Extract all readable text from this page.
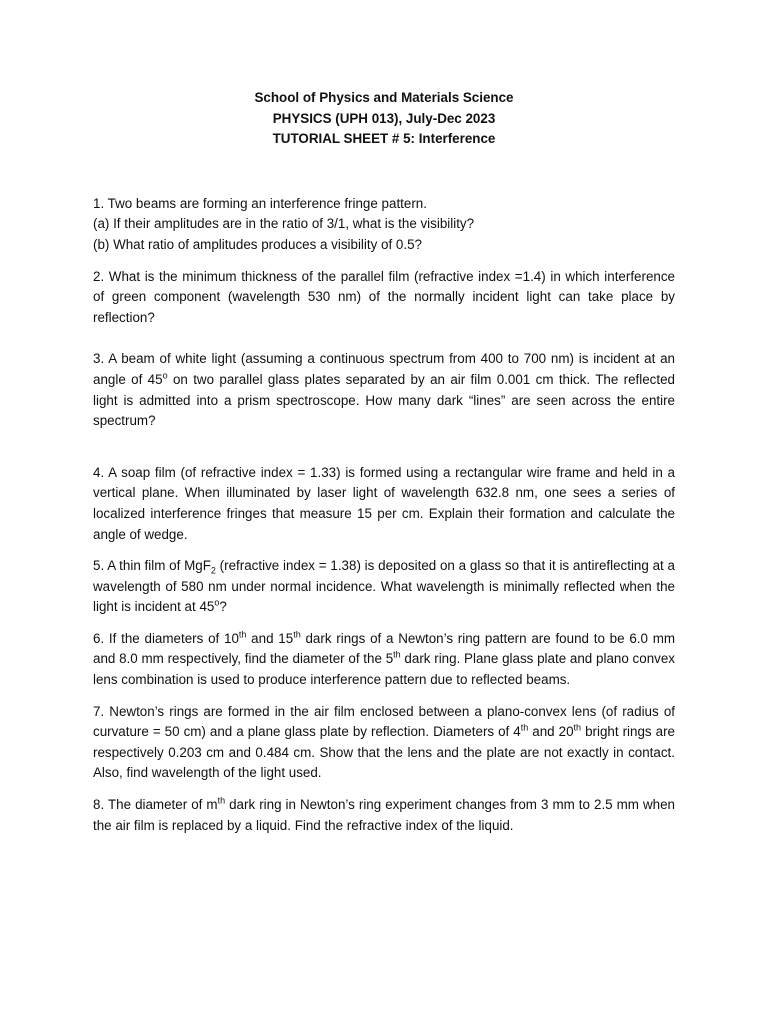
School of Physics and Materials Science
PHYSICS (UPH 013), July-Dec 2023
TUTORIAL SHEET # 5: Interference
1. Two beams are forming an interference fringe pattern.
(a) If their amplitudes are in the ratio of 3/1, what is the visibility?
(b) What ratio of amplitudes produces a visibility of 0.5?

2. What is the minimum thickness of the parallel film (refractive index =1.4) in which interference of green component (wavelength 530 nm) of the normally incident light can take place by reflection?

3. A beam of white light (assuming a continuous spectrum from 400 to 700 nm) is incident at an angle of 45$^o$ on two parallel glass plates separated by an air film 0.001 cm thick. The reflected light is admitted into a prism spectroscope. How many dark “lines” are seen across the entire spectrum?

4. A soap film (of refractive index = 1.33) is formed using a rectangular wire frame and held in a vertical plane. When illuminated by laser light of wavelength 632.8 nm, one sees a series of localized interference fringes that measure 15 per cm. Explain their formation and calculate the angle of wedge.

5. A thin film of MgF$_2$ (refractive index = 1.38) is deposited on a glass so that it is antireflecting at a wavelength of 580 nm under normal incidence. What wavelength is minimally reflected when the light is incident at 45$^o$?

6. If the diameters of 10th and 15th dark rings of a Newton’s ring pattern are found to be 6.0 mm and 8.0 mm respectively, find the diameter of the 5th dark ring. Plane glass plate and plano convex lens combination is used to produce interference pattern due to reflected beams.

7. Newton’s rings are formed in the air film enclosed between a plano-convex lens (of radius of curvature = 50 cm) and a plane glass plate by reflection. Diameters of 4th and 20th bright rings are respectively 0.203 cm and 0.484 cm. Show that the lens and the plate are not exactly in contact. Also, find wavelength of the light used.

8. The diameter of $m^{th}$ dark ring in Newton’s ring experiment changes from 3 mm to 2.5 mm when the air film is replaced by a liquid. Find the refractive index of the liquid.
